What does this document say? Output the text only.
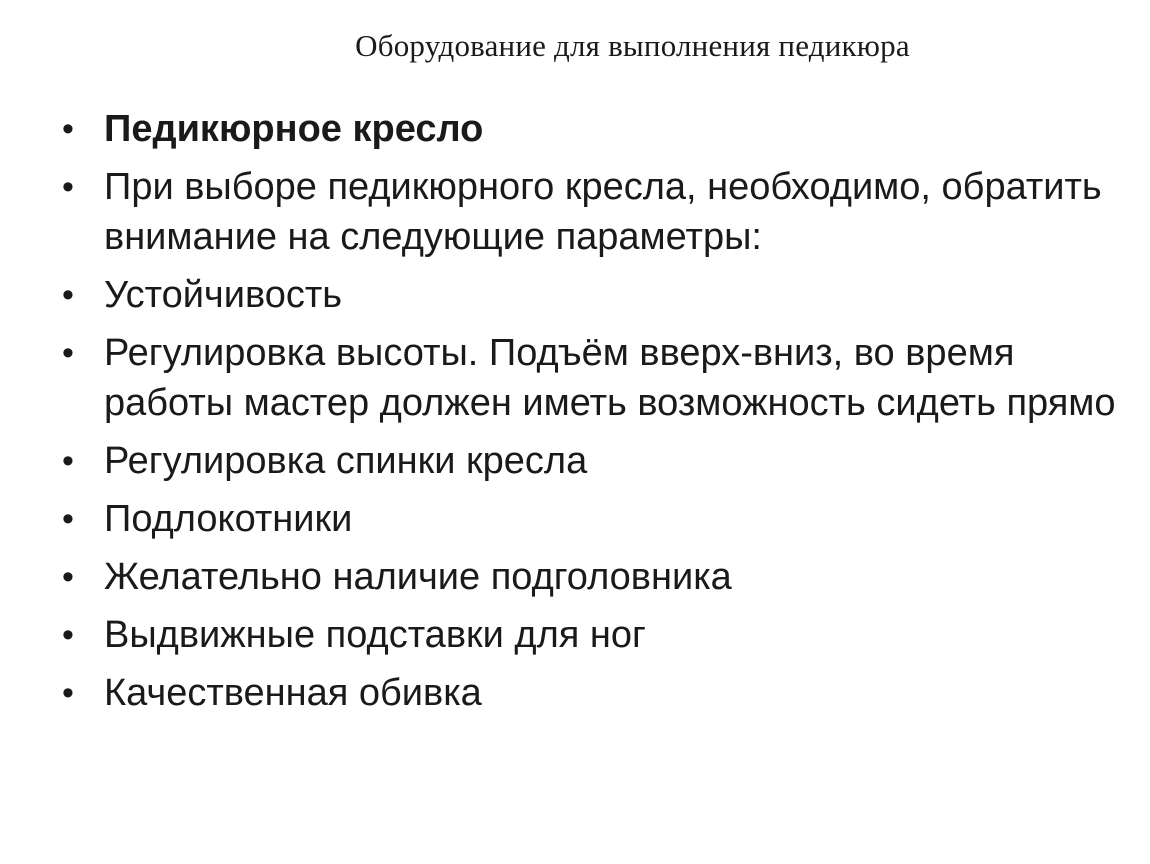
Оборудование для выполнения педикюра
• Педикюрное кресло
• При выборе педикюрного кресла, необходимо, обратить внимание на следующие параметры:
• Устойчивость
• Регулировка высоты. Подъём вверх-вниз, во время работы мастер должен иметь возможность сидеть прямо
• Регулировка спинки кресла
• Подлокотники
• Желательно наличие подголовника
• Выдвижные подставки для ног
• Качественная обивка
